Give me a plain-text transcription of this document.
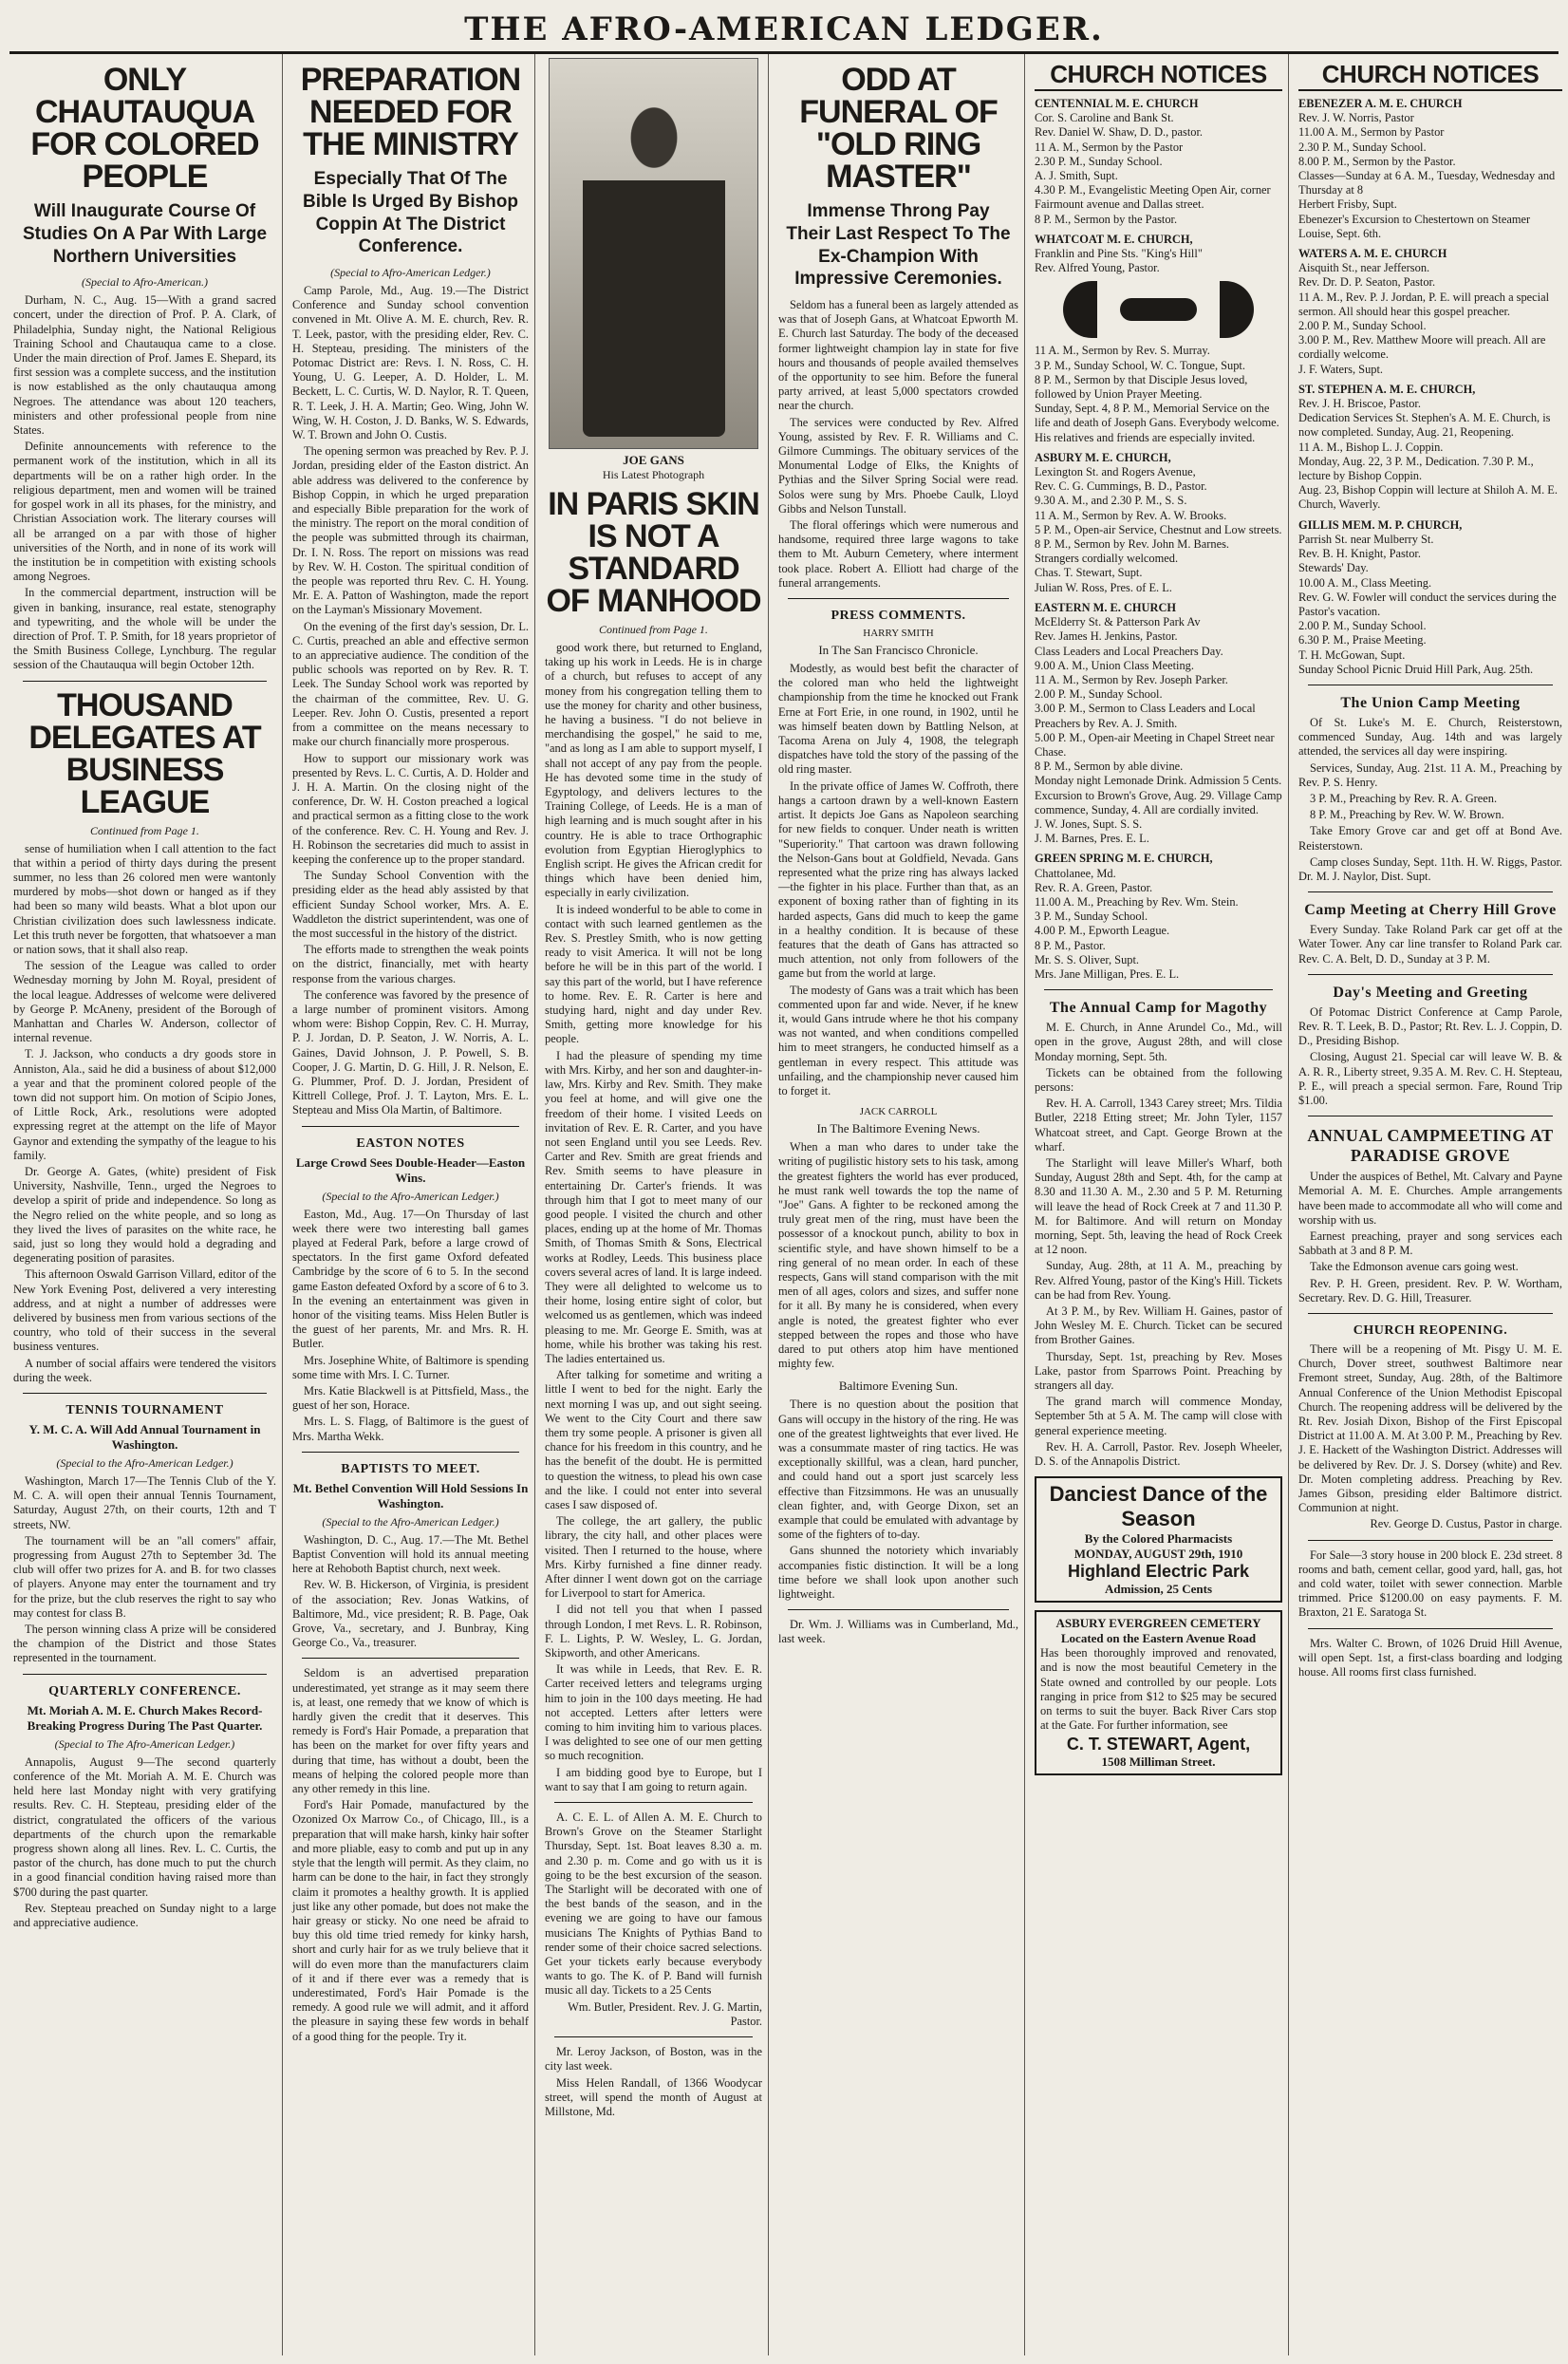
THE AFRO-AMERICAN LEDGER.
ONLY CHAUTAUQUA FOR COLORED PEOPLE
Will Inaugurate Course Of Studies On A Par With Large Northern Universities
(Special to Afro-American.)

Durham, N. C., Aug. 15—With a grand sacred concert, under the direction of Prof. P. A. Clark, of Philadelphia, Sunday night, the National Religious Training School and Chautauqua came to a close. Under the main direction of Prof. James E. Shepard, its first session was a complete success, and the institution is now established as the only chautauqua among Negroes. The attendance was about 120 teachers, ministers and other professional people from nine States.

Definite announcements with reference to the permanent work of the institution, which in all its departments will be on a rather high order. In the religious department, men and women will be trained for gospel work in all its phases, for the ministry, and Christian Association work. The literary courses will all be arranged on a par with those of higher universities of the North, and in none of its work will the institution be in competition with existing schools among Negroes.

In the commercial department, instruction will be given in banking, insurance, real estate, stenography and typewriting, and the whole will be under the direction of Prof. T. P. Smith, for 18 years proprietor of the Smith Business College, Lynchburg. The regular session of the Chautauqua will begin October 12th.

THOUSAND DELEGATES AT BUSINESS LEAGUE
Continued from Page 1.

sense of humiliation when I call attention to the fact that within a period of thirty days during the present summer, no less than 26 colored men were wantonly murdered by mobs—shot down or hanged as if they had been so many wild beasts. What a blot upon our Christian civilization does such lawlessness indicate. Let this truth never be forgotten, that whatsoever a man or nation sows, that it shall also reap.

The session of the League was called to order Wednesday morning by John M. Royal, president of the local league. Addresses of welcome were delivered by George P. McAneny, president of the Borough of Manhattan and Charles W. Anderson, collector of internal revenue.

T. J. Jackson, who conducts a dry goods store in Anniston, Ala., said he did a business of about $12,000 a year and that the prominent colored people of the town did not support him. On motion of Scipio Jones, of Little Rock, Ark., resolutions were adopted expressing regret at the attempt on the life of Mayor Gaynor and extending the sympathy of the league to his family.

Dr. George A. Gates, (white) president of Fisk University, Nashville, Tenn., urged the Negroes to develop a spirit of pride and independence. So long as the Negro relied on the white people, and so long as they lived the lives of parasites on the white race, he said, just so long they would hold a degrading and degenerating position of parasites.

This afternoon Oswald Garrison Villard, editor of the New York Evening Post, delivered a very interesting address, and at night a number of addresses were delivered by business men from various sections of the country, who told of their success in the several business ventures.

A number of social affairs were tendered the visitors during the week.

TENNIS TOURNAMENT
Y. M. C. A. Will Add Annual Tournament in Washington.
(Special to the Afro-American Ledger.)

Washington, March 17—The Tennis Club of the Y. M. C. A. will open their annual Tennis Tournament, Saturday, August 27th, on their courts, 12th and T streets, NW.

The tournament will be an "all comers" affair, progressing from August 27th to September 3d. The club will offer two prizes for A. and B. for two classes of players. Anyone may enter the tournament and try for the prize, but the club reserves the right to say who may contest for class B.

The person winning class A prize will be considered the champion of the District and those States represented in the tournament.

QUARTERLY CONFERENCE.
Mt. Moriah A. M. E. Church Makes Record-Breaking Progress During The Past Quarter.
(Special to The Afro-American Ledger.)

Annapolis, August 9—The second quarterly conference of the Mt. Moriah A. M. E. Church was held here last Monday night with very gratifying results. Rev. C. H. Stepteau, presiding elder of the district, congratulated the officers of the various departments of the church upon the remarkable progress shown along all lines. Rev. L. C. Curtis, the pastor of the church, has done much to put the church in a good financial condition having raised more than $700 during the past quarter.

Rev. Stepteau preached on Sunday night to a large and appreciative audience.

PREPARATION NEEDED FOR THE MINISTRY
Especially That Of The Bible Is Urged By Bishop Coppin At The District Conference.
(Special to Afro-American Ledger.)

Camp Parole, Md., Aug. 19.—The District Conference and Sunday school convention convened in Mt. Olive A. M. E. church, Rev. R. T. Leek, pastor, with the presiding elder, Rev. C. H. Stepteau, presiding. The ministers of the Potomac District are: Revs. I. N. Ross, C. H. Young, U. G. Leeper, A. D. Holder, L. M. Beckett, L. C. Curtis, W. D. Naylor, R. T. Queen, R. T. Leek, J. H. A. Martin; Geo. Wing, John W. Wing, W. H. Coston, J. D. Banks, W. S. Edwards, W. T. Brown and John O. Custis.

The opening sermon was preached by Rev. P. J. Jordan, presiding elder of the Easton district. An able address was delivered to the conference by Bishop Coppin, in which he urged preparation and especially Bible preparation for the work of the ministry. The report on the moral condition of the people was submitted through its chairman, Dr. I. N. Ross. The report on missions was read by Rev. W. H. Coston. The spiritual condition of the people was reported thru Rev. C. H. Young. Mr. E. A. Patton of Washington, made the report on the Layman's Missionary Movement.

On the evening of the first day's session, Dr. L. C. Curtis, preached an able and effective sermon to an appreciative audience. The condition of the public schools was reported on by Rev. R. T. Leek. The Sunday School work was reported by the chairman of the committee, Rev. U. G. Leeper. Rev. John O. Custis, presented a report from a committee on the means necessary to make our church financially more prosperous.

How to support our missionary work was presented by Revs. L. C. Curtis, A. D. Holder and J. H. A. Martin. On the closing night of the conference, Dr. W. H. Coston preached a logical and practical sermon as a fitting close to the work of the conference. Rev. C. H. Young and Rev. J. H. Robinson the secretaries did much to assist in keeping the conference up to the proper standard.

The Sunday School Convention with the presiding elder as the head ably assisted by that efficient Sunday School worker, Mrs. A. E. Waddleton the district superintendent, was one of the most successful in the history of the district.

The efforts made to strengthen the weak points on the district, financially, met with hearty response from the various charges.

The conference was favored by the presence of a large number of prominent visitors. Among whom were: Bishop Coppin, Rev. C. H. Murray, P. J. Jordan, D. P. Seaton, J. W. Norris, A. L. Gaines, David Johnson, J. P. Powell, S. B. Cooper, J. G. Martin, D. G. Hill, J. R. Nelson, E. G. Plummer, Prof. D. J. Jordan, President of Kittrell College, Prof. J. T. Layton, Mrs. E. L. Stepteau and Miss Ola Martin, of Baltimore.

EASTON NOTES
Large Crowd Sees Double-Header—Easton Wins.
(Special to the Afro-American Ledger.)

Easton, Md., Aug. 17—On Thursday of last week there were two interesting ball games played at Federal Park, before a large crowd of spectators. In the first game Oxford defeated Cambridge by the score of 6 to 5. In the second game Easton defeated Oxford by a score of 6 to 3. In the evening an entertainment was given in honor of the visiting teams. Miss Helen Butler is the guest of her parents, Mr. and Mrs. R. H. Butler.

Mrs. Josephine White, of Baltimore is spending some time with Mrs. I. C. Turner.

Mrs. Katie Blackwell is at Pittsfield, Mass., the guest of her son, Horace.

Mrs. L. S. Flagg, of Baltimore is the guest of Mrs. Martha Wekk.

BAPTISTS TO MEET.
Mt. Bethel Convention Will Hold Sessions In Washington.
(Special to the Afro-American Ledger.)

Washington, D. C., Aug. 17.—The Mt. Bethel Baptist Convention will hold its annual meeting here at Rehoboth Baptist church, next week.

Rev. W. B. Hickerson, of Virginia, is president of the association; Rev. Jonas Watkins, of Baltimore, Md., vice president; R. B. Page, Oak Grove, Va., secretary, and J. Bunbray, King George Co., Va., treasurer.

Seldom is an advertised preparation underestimated, yet strange as it may seem there is, at least, one remedy that we know of which is hardly given the credit that it deserves. This remedy is Ford's Hair Pomade, a preparation that has been on the market for over fifty years and during that time, has without a doubt, been the means of helping the colored people more than any other remedy in this line.

Ford's Hair Pomade, manufactured by the Ozonized Ox Marrow Co., of Chicago, Ill., is a preparation that will make harsh, kinky hair softer and more pliable, easy to comb and put up in any style that the length will permit. As they claim, no harm can be done to the hair, in fact they strongly claim it promotes a healthy growth. It is applied just like any other pomade, but does not make the hair greasy or sticky. No one need be afraid to buy this old time tried remedy for kinky harsh, short and curly hair for as we truly believe that it will do even more than the manufacturers claim of it and if there ever was a remedy that is underestimated, Ford's Hair Pomade is the remedy. A good rule we will admit, and it afford the pleasure in saying these few words in behalf of a good thing for the people. Try it.

JOE GANS
His Latest Photograph
IN PARIS SKIN IS NOT A STANDARD OF MANHOOD
Continued from Page 1.

good work there, but returned to England, taking up his work in Leeds. He is in charge of a church, but refuses to accept of any money from his congregation telling them to use the money for charity and other business, he having a business. "I do not believe in merchandising the gospel," he said to me, "and as long as I am able to support myself, I shall not accept of any pay from the people. He has devoted some time in the study of Egyptology, and delivers lectures to the Training College, of Leeds. He is a man of high learning and is much sought after in his country. He is able to trace Orthographic evolution from Egyptian Hieroglyphics to English script. He gives the African credit for things which have been denied him, especially in early civilization.

It is indeed wonderful to be able to come in contact with such learned gentlemen as the Rev. S. Prestley Smith, who is now getting ready to visit America. It will not be long before he will be in this part of the world. I say this part of the world, but I have reference to home. Rev. E. R. Carter is here and studying hard, night and day under Rev. Smith, getting more knowledge for his people.

I had the pleasure of spending my time with Mrs. Kirby, and her son and daughter-in-law, Mrs. Kirby and Rev. Smith. They make you feel at home, and will give one the freedom of their home. I visited Leeds on invitation of Rev. E. R. Carter, and you have not seen England until you see Leeds. Rev. Carter and Rev. Smith are great friends and Rev. Smith seems to have pleasure in entertaining Dr. Carter's friends. It was through him that I got to meet many of our good people. I visited the church and other places, ending up at the home of Mr. Thomas Smith, of Thomas Smith & Sons, Electrical works at Rodley, Leeds. This business place covers several acres of land. It is large indeed. They were all delighted to welcome us to their home, losing entire sight of color, but welcomed us as gentlemen, which was indeed pleasing to me. Mr. George E. Smith, was at home, while his brother was taking his rest. The ladies entertained us.

After talking for sometime and writing a little I went to bed for the night. Early the next morning I was up, and out sight seeing. We went to the City Court and there saw them try some people. A prisoner is given all chance for his freedom in this country, and he has the benefit of the doubt. He is permitted to question the witness, to plead his own case and the like. I could not enter into several cases I saw disposed of.

The college, the art gallery, the public library, the city hall, and other places were visited. Then I returned to the house, where Mrs. Kirby furnished a fine dinner ready. After dinner I went down got on the carriage for Liverpool to start for America.

I did not tell you that when I passed through London, I met Revs. L. R. Robinson, F. L. Lights, P. W. Wesley, L. G. Jordan, Skipworth, and other Americans.

It was while in Leeds, that Rev. E. R. Carter received letters and telegrams urging him to join in the 100 days meeting. He had not accepted. Letters after letters were coming to him inviting him to various places. I was delighted to see one of our men getting so much recognition.

I am bidding good bye to Europe, but I want to say that I am going to return again.

A. C. E. L. of Allen A. M. E. Church to Brown's Grove on the Steamer Starlight Thursday, Sept. 1st. Boat leaves 8.30 a. m. and 2.30 p. m. Come and go with us it is going to be the best excursion of the season. The Starlight will be decorated with one of the best bands of the season, and in the evening we are going to have our famous musicians The Knights of Pythias Band to render some of their choice sacred selections. Get your tickets early because everybody wants to go. The K. of P. Band will furnish music all day. Tickets to a 25 Cents

Wm. Butler, President. Rev. J. G. Martin, Pastor.

Mr. Leroy Jackson, of Boston, was in the city last week.

Miss Helen Randall, of 1366 Woodycar street, will spend the month of August at Millstone, Md.

ODD AT FUNERAL OF "OLD RING MASTER"
Immense Throng Pay Their Last Respect To The Ex-Champion With Impressive Ceremonies.

Seldom has a funeral been as largely attended as was that of Joseph Gans, at Whatcoat Epworth M. E. Church last Saturday. The body of the deceased former lightweight champion lay in state for five hours and thousands of people availed themselves of the opportunity to see him. Before the funeral party arrived, at least 5,000 spectators crowded near the church.

The services were conducted by Rev. Alfred Young, assisted by Rev. F. R. Williams and C. Gilmore Cummings. The obituary services of the Monumental Lodge of Elks, the Knights of Pythias and the Silver Spring Social were read. Solos were sung by Mrs. Phoebe Caulk, Lloyd Gibbs and Nelson Tunstall.

The floral offerings which were numerous and handsome, required three large wagons to take them to Mt. Auburn Cemetery, where interment took place. Robert A. Elliott had charge of the funeral arrangements.

PRESS COMMENTS.
HARRY SMITH
In The San Francisco Chronicle.

Modestly, as would best befit the character of the colored man who held the lightweight championship from the time he knocked out Frank Erne at Fort Erie, in one round, in 1902, until he was himself beaten down by Battling Nelson, at Tacoma Arena on July 4, 1908, the telegraph dispatches have told the story of the passing of the old ring master.

In the private office of James W. Coffroth, there hangs a cartoon drawn by a well-known Eastern artist. It depicts Joe Gans as Napoleon searching for new fields to conquer. Under neath is written "Superiority." That cartoon was drawn following the Nelson-Gans bout at Goldfield, Nevada. Gans represented what the prize ring has always lacked—the fighter in his place. Further than that, as an exponent of boxing rather than of fighting in its harded aspects, Gans did much to keep the game in a healthy condition. It is because of these features that the death of Gans has attracted so much attention, not only from followers of the game but from the world at large.

The modesty of Gans was a trait which has been commented upon far and wide. Never, if he knew it, would Gans intrude where he thot his company was not wanted, and when conditions compelled him to meet strangers, he conducted himself as a gentleman in every respect. This attitude was unfailing, and the championship never caused him to forget it.

JACK CARROLL
In The Baltimore Evening News.

When a man who dares to under take the writing of pugilistic history sets to his task, among the greatest fighters the world has ever produced, he must rank well towards the top the name of "Joe" Gans. A fighter to be reckoned among the truly great men of the ring, must have been the possessor of a knockout punch, ability to box in scientific style, and have shown himself to be a ring general of no mean order. In each of these respects, Gans will stand comparison with the mit men of all ages, colors and sizes, and suffer none for it all. By many he is considered, when every angle is noted, the greatest fighter who ever stepped between the ropes and those who have dared to put others atop him have mentioned mighty few.

Baltimore Evening Sun.

There is no question about the position that Gans will occupy in the history of the ring. He was one of the greatest lightweights that ever lived. He was a consummate master of ring tactics. He was exceptionally skillful, was a clean, hard puncher, and could hand out a sport just scarcely less effective than Fitzsimmons. He was an unusually clean fighter, and, with George Dixon, set an example that could be emulated with advantage by some of the fighters of to-day.

Gans shunned the notoriety which invariably accompanies fistic distinction. It will be a long time before we shall look upon another such lightweight.

Dr. Wm. J. Williams was in Cumberland, Md., last week.

CHURCH NOTICES

CENTENNIAL M. E. CHURCH

Cor. S. Caroline and Bank St.

Rev. Daniel W. Shaw, D. D., pastor.

11 A. M., Sermon by the Pastor

2.30 P. M., Sunday School.

A. J. Smith, Supt.

4.30 P. M., Evangelistic Meeting Open Air, corner Fairmount avenue and Dallas street.

8 P. M., Sermon by the Pastor.

WHATCOAT M. E. CHURCH,

Franklin and Pine Sts. "King's Hill"

Rev. Alfred Young, Pastor.

11 A. M., Sermon by Rev. S. Murray.

3 P. M., Sunday School, W. C. Tongue, Supt.

8 P. M., Sermon by that Disciple Jesus loved, followed by Union Prayer Meeting.

Sunday, Sept. 4, 8 P. M., Memorial Service on the life and death of Joseph Gans. Everybody welcome. His relatives and friends are especially invited.

ASBURY M. E. CHURCH,

Lexington St. and Rogers Avenue,

Rev. C. G. Cummings, B. D., Pastor.

9.30 A. M., and 2.30 P. M., S. S.

11 A. M., Sermon by Rev. A. W. Brooks.

5 P. M., Open-air Service, Chestnut and Low streets.

8 P. M., Sermon by Rev. John M. Barnes.

Strangers cordially welcomed.

Chas. T. Stewart, Supt.

Julian W. Ross, Pres. of E. L.

EASTERN M. E. CHURCH

McElderry St. & Patterson Park Av

Rev. James H. Jenkins, Pastor.

Class Leaders and Local Preachers Day.

9.00 A. M., Union Class Meeting.

11 A. M., Sermon by Rev. Joseph Parker.

2.00 P. M., Sunday School.

3.00 P. M., Sermon to Class Leaders and Local Preachers by Rev. A. J. Smith.

5.00 P. M., Open-air Meeting in Chapel Street near Chase.

8 P. M., Sermon by able divine.

Monday night Lemonade Drink. Admission 5 Cents.

Excursion to Brown's Grove, Aug. 29. Village Camp commence, Sunday, 4. All are cordially invited.

J. W. Jones, Supt. S. S.

J. M. Barnes, Pres. E. L.

GREEN SPRING M. E. CHURCH,

Chattolanee, Md.

Rev. R. A. Green, Pastor.

11.00 A. M., Preaching by Rev. Wm. Stein.

3 P. M., Sunday School.

4.00 P. M., Epworth League.

8 P. M., Pastor.

Mr. S. S. Oliver, Supt.

Mrs. Jane Milligan, Pres. E. L.

The Annual Camp for Magothy

M. E. Church, in Anne Arundel Co., Md., will open in the grove, August 28th, and will close Monday morning, Sept. 5th.

Tickets can be obtained from the following persons:

Rev. H. A. Carroll, 1343 Carey street; Mrs. Tildia Butler, 2218 Etting street; Mr. John Tyler, 1157 Whatcoat street, and Capt. George Brown at the wharf.

The Starlight will leave Miller's Wharf, both Sunday, August 28th and Sept. 4th, for the camp at 8.30 and 11.30 A. M., 2.30 and 5 P. M. Returning will leave the head of Rock Creek at 7 and 11.30 P. M. for Baltimore. And will return on Monday morning, Sept. 5th, leaving the head of Rock Creek at 12 noon.

Sunday, Aug. 28th, at 11 A. M., preaching by Rev. Alfred Young, pastor of the King's Hill. Tickets can be had from Rev. Young.

At 3 P. M., by Rev. William H. Gaines, pastor of John Wesley M. E. Church. Ticket can be secured from Brother Gaines.

Thursday, Sept. 1st, preaching by Rev. Moses Lake, pastor from Sparrows Point. Preaching by strangers all day.

The grand march will commence Monday, September 5th at 5 A. M. The camp will close with general experience meeting.

Rev. H. A. Carroll, Pastor. Rev. Joseph Wheeler, D. S. of the Annapolis District.

Danciest Dance of the Season
By the Colored Pharmacists
MONDAY, AUGUST 29th, 1910
Highland Electric Park
Admission, 25 Cents
ASBURY EVERGREEN CEMETERY
Located on the Eastern Avenue Road

Has been thoroughly improved and renovated, and is now the most beautiful Cemetery in the State owned and controlled by our people. Lots ranging in price from $12 to $25 may be secured on terms to suit the buyer. Back River Cars stop at the Gate. For further information, see

C. T. STEWART, Agent,
1508 Milliman Street.
CHURCH NOTICES

EBENEZER A. M. E. CHURCH

Rev. J. W. Norris, Pastor

11.00 A. M., Sermon by Pastor

2.30 P. M., Sunday School.

8.00 P. M., Sermon by the Pastor.

Classes—Sunday at 6 A. M., Tuesday, Wednesday and Thursday at 8

Herbert Frisby, Supt.

Ebenezer's Excursion to Chestertown on Steamer Louise, Sept. 6th.

WATERS A. M. E. CHURCH

Aisquith St., near Jefferson.

Rev. Dr. D. P. Seaton, Pastor.

11 A. M., Rev. P. J. Jordan, P. E. will preach a special sermon. All should hear this gospel preacher.

2.00 P. M., Sunday School.

3.00 P. M., Rev. Matthew Moore will preach. All are cordially welcome.

J. F. Waters, Supt.

ST. STEPHEN A. M. E. CHURCH,

Rev. J. H. Briscoe, Pastor.

Dedication Services St. Stephen's A. M. E. Church, is now completed. Sunday, Aug. 21, Reopening.

11 A. M., Bishop L. J. Coppin.

Monday, Aug. 22, 3 P. M., Dedication. 7.30 P. M., lecture by Bishop Coppin.

Aug. 23, Bishop Coppin will lecture at Shiloh A. M. E. Church, Waverly.

GILLIS MEM. M. P. CHURCH,

Parrish St. near Mulberry St.

Rev. B. H. Knight, Pastor.

Stewards' Day.

10.00 A. M., Class Meeting.

Rev. G. W. Fowler will conduct the services during the Pastor's vacation.

2.00 P. M., Sunday School.

6.30 P. M., Praise Meeting.

T. H. McGowan, Supt.

Sunday School Picnic Druid Hill Park, Aug. 25th.

The Union Camp Meeting

Of St. Luke's M. E. Church, Reisterstown, commenced Sunday, Aug. 14th and was largely attended, the services all day were inspiring.

Services, Sunday, Aug. 21st. 11 A. M., Preaching by Rev. P. S. Henry.

3 P. M., Preaching by Rev. R. A. Green.

8 P. M., Preaching by Rev. W. W. Brown.

Take Emory Grove car and get off at Bond Ave. Reisterstown.

Camp closes Sunday, Sept. 11th. H. W. Riggs, Pastor. Dr. M. J. Naylor, Dist. Supt.

Camp Meeting at Cherry Hill Grove

Every Sunday. Take Roland Park car get off at the Water Tower. Any car line transfer to Roland Park car. Rev. C. A. Belt, D. D., Sunday at 3 P. M.

Day's Meeting and Greeting

Of Potomac District Conference at Camp Parole, Rev. R. T. Leek, B. D., Pastor; Rt. Rev. L. J. Coppin, D. D., Presiding Bishop.

Closing, August 21. Special car will leave W. B. & A. R. R., Liberty street, 9.35 A. M. Rev. C. H. Stepteau, P. E., will preach a special sermon. Fare, Round Trip $1.00.

ANNUAL CAMPMEETING AT PARADISE GROVE

Under the auspices of Bethel, Mt. Calvary and Payne Memorial A. M. E. Churches. Ample arrangements have been made to accommodate all who will come and worship with us.

Earnest preaching, prayer and song services each Sabbath at 3 and 8 P. M.

Take the Edmonson avenue cars going west.

Rev. P. H. Green, president. Rev. P. W. Wortham, Secretary. Rev. D. G. Hill, Treasurer.

CHURCH REOPENING.

There will be a reopening of Mt. Pisgy U. M. E. Church, Dover street, southwest Baltimore near Fremont street, Sunday, Aug. 28th, of the Baltimore Annual Conference of the Union Methodist Episcopal Church. The reopening address will be delivered by the Rt. Rev. Josiah Dixon, Bishop of the First Episcopal District at 11.00 A. M. At 3.00 P. M., Preaching by Rev. J. E. Hackett of the Washington District. Addresses will be delivered by Rev. Dr. J. S. Dorsey (white) and Rev. Dr. Moten completing address. Preaching by Rev. James Gibson, presiding elder Baltimore district. Communion at night.

Rev. George D. Custus, Pastor in charge.

For Sale—3 story house in 200 block E. 23d street. 8 rooms and bath, cement cellar, good yard, hall, gas, hot and cold water, toilet with sewer connection. Marble trimmed. Price $1200.00 on easy payments. F. M. Braxton, 21 E. Saratoga St.

Mrs. Walter C. Brown, of 1026 Druid Hill Avenue, will open Sept. 1st, a first-class boarding and lodging house. All rooms first class furnished.
